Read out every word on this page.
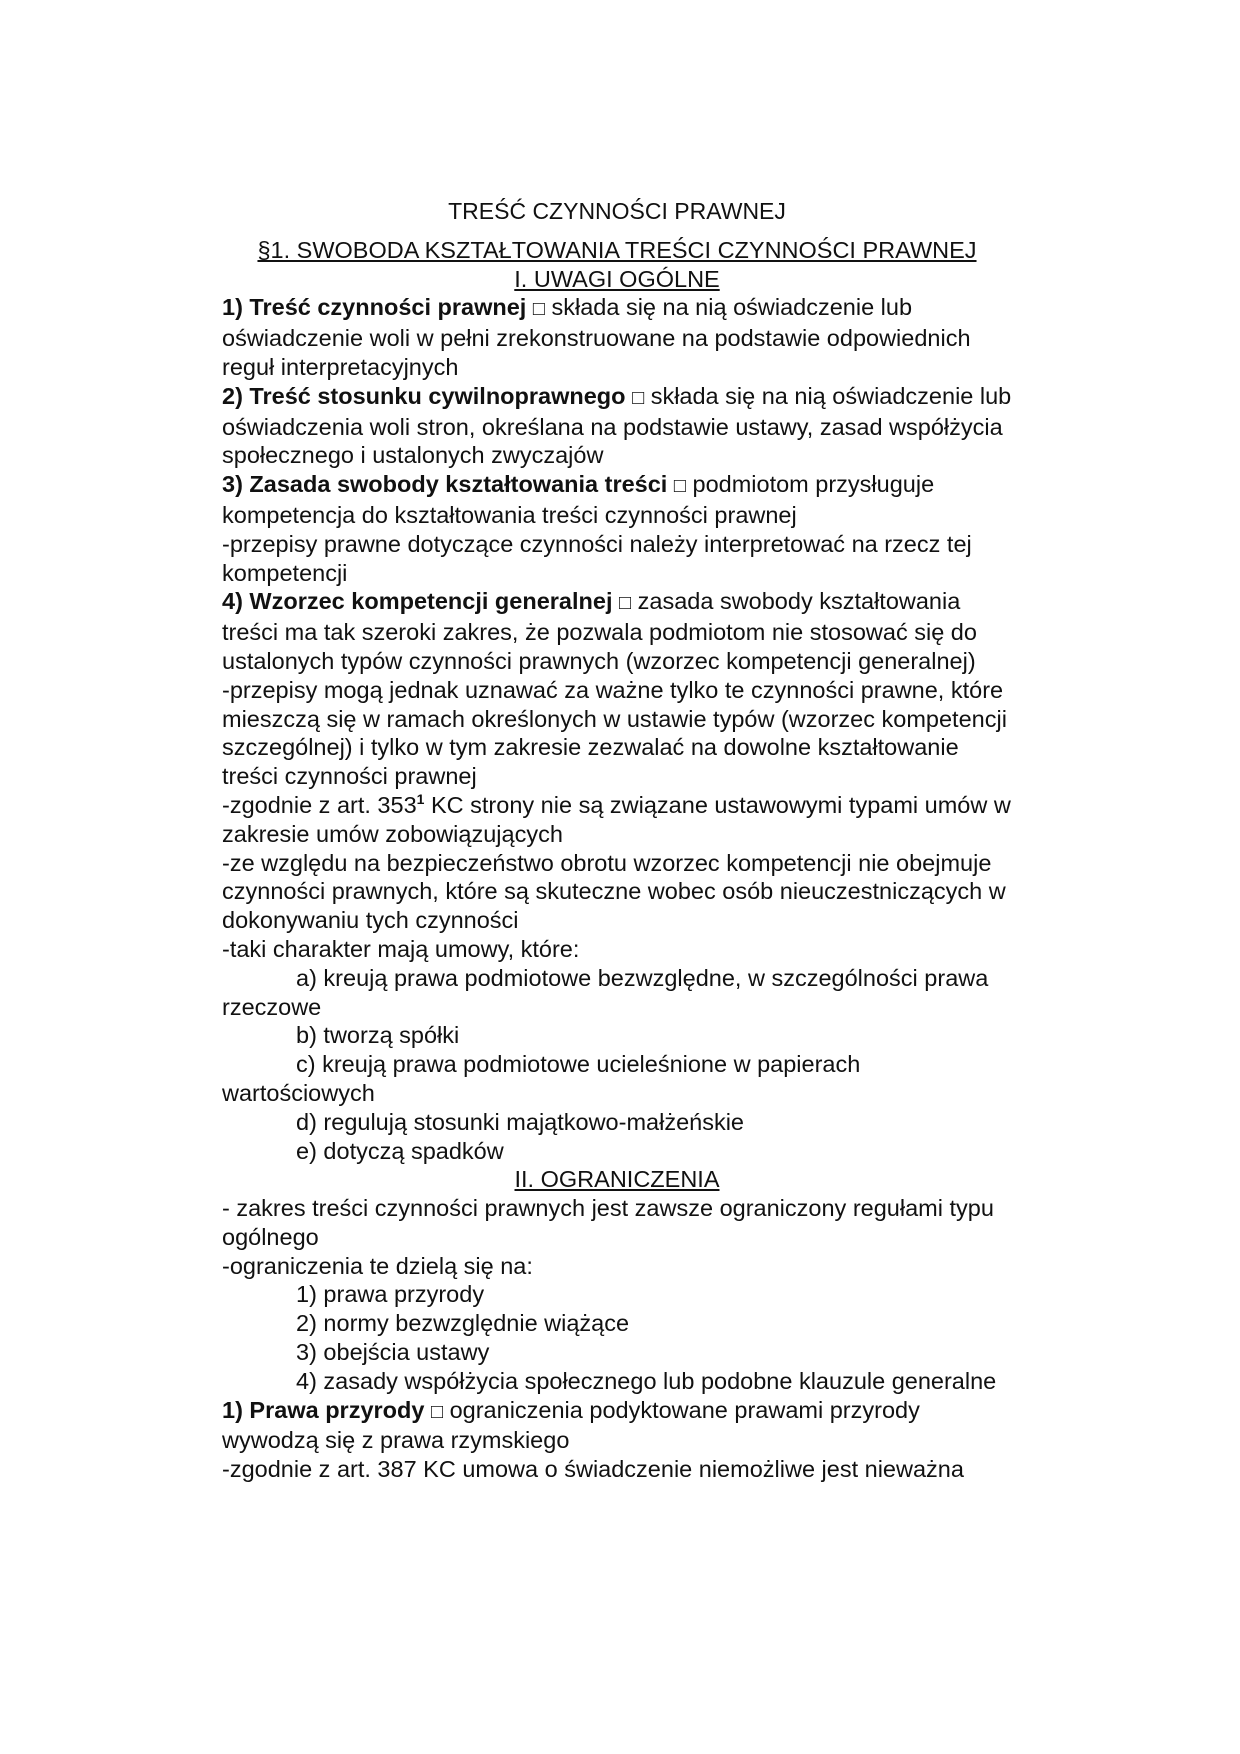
TREŚĆ CZYNNOŚCI PRAWNEJ

§1. SWOBODA KSZTAŁTOWANIA TREŚCI CZYNNOŚCI PRAWNEJ

I. UWAGI OGÓLNE

1) Treść czynności prawnej □ składa się na nią oświadczenie lub oświadczenie woli w pełni zrekonstruowane na podstawie odpowiednich reguł interpretacyjnych

2) Treść stosunku cywilnoprawnego □ składa się na nią oświadczenie lub oświadczenia woli stron, określana na podstawie ustawy, zasad współżycia społecznego i ustalonych zwyczajów

3) Zasada swobody kształtowania treści □ podmiotom przysługuje kompetencja do kształtowania treści czynności prawnej

-przepisy prawne dotyczące czynności należy interpretować na rzecz tej kompetencji

4) Wzorzec kompetencji generalnej □ zasada swobody kształtowania treści ma tak szeroki zakres, że pozwala podmiotom nie stosować się do ustalonych typów czynności prawnych (wzorzec kompetencji generalnej)

-przepisy mogą jednak uznawać za ważne tylko te czynności prawne, które mieszczą się w ramach określonych w ustawie typów (wzorzec kompetencji szczególnej) i tylko w tym zakresie zezwalać na dowolne kształtowanie treści czynności prawnej

-zgodnie z art. $353^1$ KC strony nie są związane ustawowymi typami umów w zakresie umów zobowiązujących

-ze względu na bezpieczeństwo obrotu wzorzec kompetencji nie obejmuje czynności prawnych, które są skuteczne wobec osób nieuczestniczących w dokonywaniu tych czynności

-taki charakter mają umowy, które:

a) kreują prawa podmiotowe bezwzględne, w szczególności prawa rzeczowe

b) tworzą spółki

c) kreują prawa podmiotowe ucieleśnione w papierach wartościowych

d) regulują stosunki majątkowo-małżeńskie

e) dotyczą spadków

II. OGRANICZENIA

- zakres treści czynności prawnych jest zawsze ograniczony regułami typu ogólnego

-ograniczenia te dzielą się na:

1) prawa przyrody

2) normy bezwzględnie wiążące

3) obejścia ustawy

4) zasady współżycia społecznego lub podobne klauzule generalne

1) Prawa przyrody □ ograniczenia podyktowane prawami przyrody wywodzą się z prawa rzymskiego

-zgodnie z art. 387 KC umowa o świadczenie niemożliwe jest nieważna
